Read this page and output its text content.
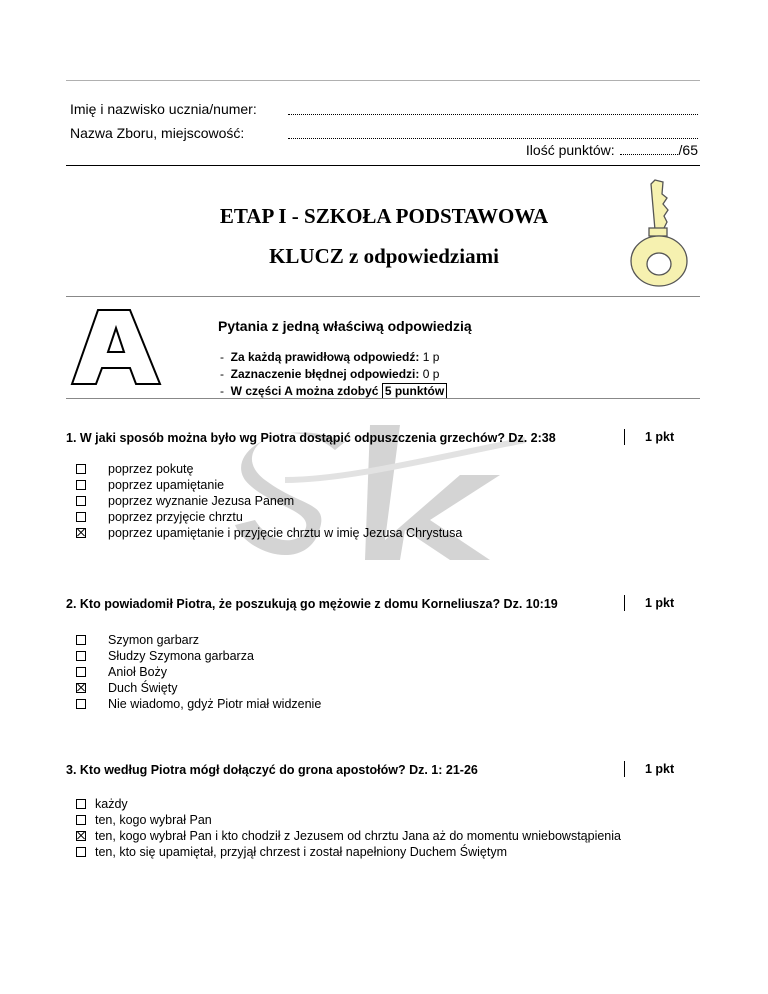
Imię i nazwisko ucznia/numer:
Nazwa Zboru, miejscowość:
Ilość punktów:	/65
ETAP I - SZKOŁA PODSTAWOWA
KLUCZ z odpowiedziami
Pytania z jedną właściwą odpowiedzią
-  Za każdą prawidłową odpowiedź: 1 p
-  Zaznaczenie błędnej odpowiedzi: 0 p
-  W części A można zdobyć 5 punktów
Sk
1. W jaki sposób można było wg Piotra dostąpić odpuszczenia grzechów? Dz. 2:38	1 pkt
poprzez pokutę
poprzez upamiętanie
poprzez wyznanie Jezusa Panem
poprzez przyjęcie chrztu
poprzez upamiętanie i przyjęcie chrztu w imię Jezusa Chrystusa
2. Kto powiadomił Piotra, że poszukują go mężowie z domu Korneliusza? Dz. 10:19	1 pkt
Szymon garbarz
Słudzy Szymona garbarza
Anioł Boży
Duch Święty
Nie wiadomo, gdyż Piotr miał widzenie
3. Kto według Piotra mógł dołączyć do grona apostołów? Dz. 1: 21-26	1 pkt
każdy
ten, kogo wybrał Pan
ten, kogo wybrał Pan i kto chodził z Jezusem od chrztu Jana aż do momentu wniebowstąpienia
ten, kto się upamiętał, przyjął chrzest i został napełniony Duchem Świętym
